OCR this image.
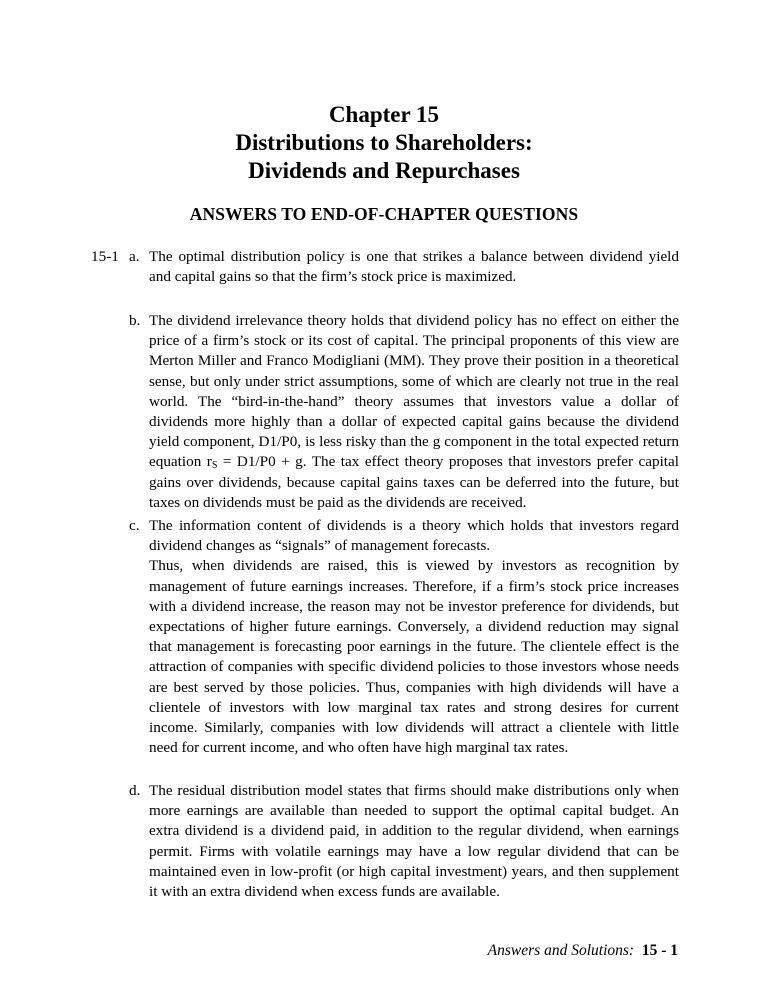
Chapter 15
Distributions to Shareholders:
Dividends and Repurchases
ANSWERS TO END-OF-CHAPTER QUESTIONS
15-1 a. The optimal distribution policy is one that strikes a balance between dividend yield and capital gains so that the firm’s stock price is maximized.

b. The dividend irrelevance theory holds that dividend policy has no effect on either the price of a firm’s stock or its cost of capital. The principal proponents of this view are Merton Miller and Franco Modigliani (MM). They prove their position in a theoretical sense, but only under strict assumptions, some of which are clearly not true in the real world. The “bird-in-the-hand” theory assumes that investors value a dollar of dividends more highly than a dollar of expected capital gains because the dividend yield component, D1/P0, is less risky than the g component in the total expected return equation $r_S = D1/P0 + g$. The tax effect theory proposes that investors prefer capital gains over dividends, because capital gains taxes can be deferred into the future, but taxes on dividends must be paid as the dividends are received.

c. The information content of dividends is a theory which holds that investors regard dividend changes as “signals” of management forecasts.

Thus, when dividends are raised, this is viewed by investors as recognition by management of future earnings increases. Therefore, if a firm’s stock price increases with a dividend increase, the reason may not be investor preference for dividends, but expectations of higher future earnings. Conversely, a dividend reduction may signal that management is forecasting poor earnings in the future. The clientele effect is the attraction of companies with specific dividend policies to those investors whose needs are best served by those policies. Thus, companies with high dividends will have a clientele of investors with low marginal tax rates and strong desires for current income. Similarly, companies with low dividends will attract a clientele with little need for current income, and who often have high marginal tax rates.

d. The residual distribution model states that firms should make distributions only when more earnings are available than needed to support the optimal capital budget. An extra dividend is a dividend paid, in addition to the regular dividend, when earnings permit. Firms with volatile earnings may have a low regular dividend that can be maintained even in low-profit (or high capital investment) years, and then supplement it with an extra dividend when excess funds are available.

Answers and Solutions: 15 - 1
